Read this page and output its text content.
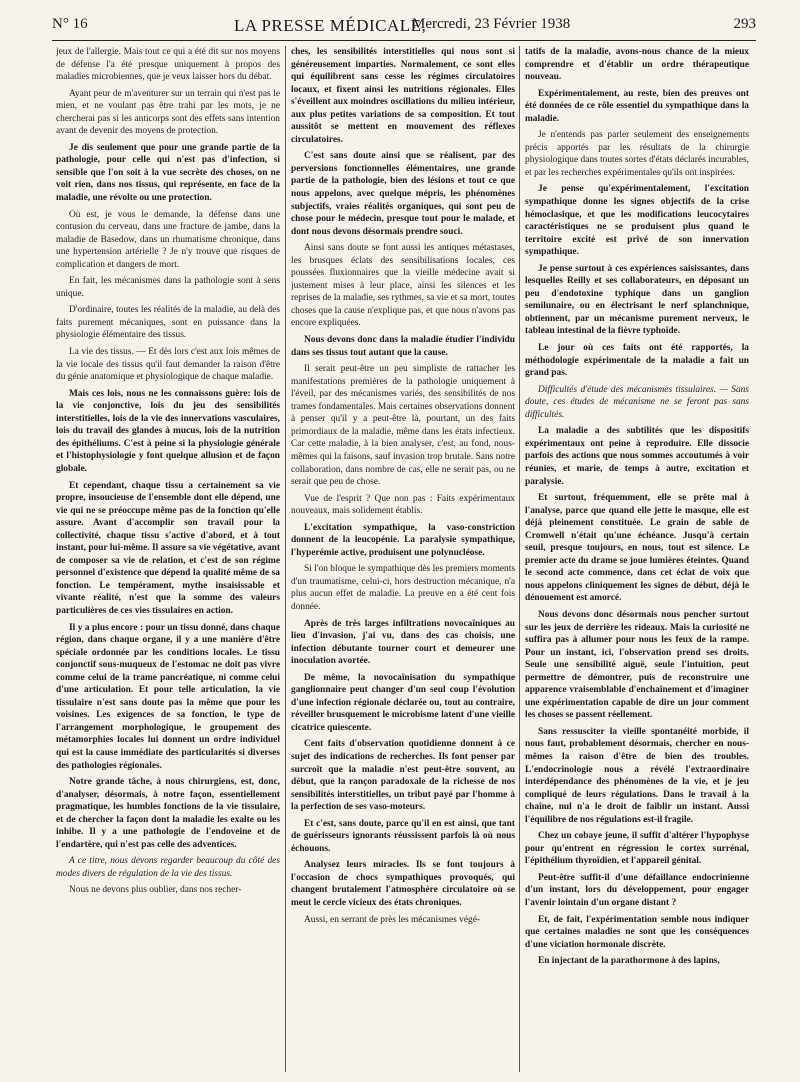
N° 16	LA PRESSE MÉDICALE,
Mercredi, 23 Février 1938	293

jeux de l'allergie. Mais tout ce qui a été dit sur nos moyens de défense l'a été presque uniquement à propos des maladies microbiennes, que je veux laisser hors du débat.

Ayant peur de m'aventurer sur un terrain qui n'est pas le mien, et ne voulant pas être trahi par les mots, je ne chercherai pas si les anticorps sont des effets sans intention avant de devenir des moyens de protection.

Je dis seulement que pour une grande partie de la pathologie, pour celle qui n'est pas d'infection, si sensible que l'on soit à la vue secrète des choses, on ne voit rien, dans nos tissus, qui représente, en face de la maladie, une révolte ou une protection.

Où est, je vous le demande, la défense dans une contusion du cerveau, dans une fracture de jambe, dans la maladie de Basedow, dans un rhumatisme chronique, dans une hypertension artérielle ? Je n'y trouve que risques de complication et dangers de mort.

En fait, les mécanismes dans la pathologie sont à sens unique.

D'ordinaire, toutes les réalités de la maladie, au delà des faits purement mécaniques, sont en puissance dans la physiologie élémentaire des tissus.

La vie des tissus. — Et dès lors c'est aux lois mêmes de la vie locale des tissus qu'il faut demander la raison d'être du génie anatomique et physiologique de chaque maladie.

Mais ces lois, nous ne les connaissons guère: lois de la vie conjonctive, lois du jeu des sensibilités interstitielles, lois de la vie des innervations vasculaires, lois du travail des glandes à mucus, lois de la nutrition des épithéliums. C'est à peine si la physiologie générale et l'histophysiologie y font quelque allusion et de façon globale.

Et cependant, chaque tissu a certainement sa vie propre, insoucieuse de l'ensemble dont elle dépend, une vie qui ne se préoccupe même pas de la fonction qu'elle assure. Avant d'accomplir son travail pour la collectivité, chaque tissu s'active d'abord, et à tout instant, pour lui-même. Il assure sa vie végétative, avant de composer sa vie de relation, et c'est de son régime personnel d'existence que dépend la qualité même de sa fonction. Le tempérament, mythe insaisissable et vivante réalité, n'est que la somme des valeurs particulières de ces vies tissulaires en action.

Il y a plus encore : pour un tissu donné, dans chaque région, dans chaque organe, il y a une manière d'être spéciale ordonnée par les conditions locales. Le tissu conjonctif sous-muqueux de l'estomac ne doit pas vivre comme celui de la trame pancréatique, ni comme celui d'une articulation. Et pour telle articulation, la vie tissulaire n'est sans doute pas la même que pour les voisines. Les exigences de sa fonction, le type de l'arrangement morphologique, le groupement des métamorphies locales lui donnent un ordre individuel qui est la cause immédiate des particularités si diverses des pathologies régionales.

Notre grande tâche, à nous chirurgiens, est, donc, d'analyser, désormais, à notre façon, essentiellement pragmatique, les humbles fonctions de la vie tissulaire, et de chercher la façon dont la maladie les exalte ou les inhibe. Il y a une pathologie de l'endoveine et de l'endartère, qui n'est pas celle des adventices.

A ce titre, nous devons regarder beaucoup du côté des modes divers de régulation de la vie des tissus.

Nous ne devons plus oublier, dans nos recher-

ches, les sensibilités interstitielles qui nous sont si généreusement imparties. Normalement, ce sont elles qui équilibrent sans cesse les régimes circulatoires locaux, et fixent ainsi les nutritions régionales. Elles s'éveillent aux moindres oscillations du milieu intérieur, aux plus petites variations de sa composition. Et tout aussitôt se mettent en mouvement des réflexes circulatoires.

C'est sans doute ainsi que se réalisent, par des perversions fonctionnelles élémentaires, une grande partie de la pathologie, bien des lésions et tout ce que nous appelons, avec quelque mépris, les phénomènes subjectifs, vraies réalités organiques, qui sont peu de chose pour le médecin, presque tout pour le malade, et dont nous devons désormais prendre souci.

Ainsi sans doute se font aussi les antiques métastases, les brusques éclats des sensibilisations locales, ces poussées fluxionnaires que la vieille médecine avait si justement mises à leur place, ainsi les silences et les reprises de la maladie, ses rythmes, sa vie et sa mort, toutes choses que la cause n'explique pas, et que nous n'avons pas encore expliquées.

Nous devons donc dans la maladie étudier l'individu dans ses tissus tout autant que la cause.

Il serait peut-être un peu simpliste de rattacher les manifestations premières de la pathologie uniquement à l'éveil, par des mécanismes variés, des sensibilités de nos trames fondamentales. Mais certaines observations donnent à penser qu'il y a peut-être là, pourtant, un des faits primordiaux de la maladie, même dans les états infectieux. Car cette maladie, à la bien analyser, c'est, au fond, nous-mêmes qui la faisons, sauf invasion trop brutale. Sans notre collaboration, dans nombre de cas, elle ne serait pas, ou ne serait que peu de chose.

Vue de l'esprit ? Que non pas : Faits expérimentaux nouveaux, mais solidement établis.

L'excitation sympathique, la vaso-constriction donnent de la leucopénie. La paralysie sympathique, l'hyperémie active, produisent une polynucléose.

Si l'on bloque le sympathique dès les premiers moments d'un traumatisme, celui-ci, hors destruction mécanique, n'a plus aucun effet de maladie. La preuve en a été cent fois donnée.

Après de très larges infiltrations novocaïniques au lieu d'invasion, j'ai vu, dans des cas choisis, une infection débutante tourner court et demeurer une inoculation avortée.

De même, la novocaïnisation du sympathique ganglionnaire peut changer d'un seul coup l'évolution d'une infection régionale déclarée ou, tout au contraire, réveiller brusquement le microbisme latent d'une vieille cicatrice quiescente.

Cent faits d'observation quotidienne donnent à ce sujet des indications de recherches. Ils font penser par surcroît que la maladie n'est peut-être souvent, au début, que la rançon paradoxale de la richesse de nos sensibilités interstitielles, un tribut payé par l'homme à la perfection de ses vaso-moteurs.

Et c'est, sans doute, parce qu'il en est ainsi, que tant de guérisseurs ignorants réussissent parfois là où nous échouons.

Analysez leurs miracles. Ils se font toujours à l'occasion de chocs sympathiques provoqués, qui changent brutalement l'atmosphère circulatoire où se meut le cercle vicieux des états chroniques.

Aussi, en serrant de près les mécanismes végé-

tatifs de la maladie, avons-nous chance de la mieux comprendre et d'établir un ordre thérapeutique nouveau.

Expérimentalement, au reste, bien des preuves ont été données de ce rôle essentiel du sympathique dans la maladie.

Je n'entends pas parler seulement des enseignements précis apportés par les résultats de la chirurgie physiologique dans toutes sortes d'états déclarés incurables, et par les recherches expérimentales qu'ils ont inspirées.

Je pense qu'expérimentalement, l'excitation sympathique donne les signes objectifs de la crise hémoclasique, et que les modifications leucocytaires caractéristiques ne se produisent plus quand le territoire excité est privé de son innervation sympathique.

Je pense surtout à ces expériences saisissantes, dans lesquelles Reilly et ses collaborateurs, en déposant un peu d'endotoxine typhique dans un ganglion semilunaire, ou en électrisant le nerf splanchnique, obtiennent, par un mécanisme purement nerveux, le tableau intestinal de la fièvre typhoïde.

Le jour où ces faits ont été rapportés, la méthodologie expérimentale de la maladie a fait un grand pas.

Difficultés d'étude des mécanismes tissulaires. — Sans doute, ces études de mécanisme ne se feront pas sans difficultés.

La maladie a des subtilités que les dispositifs expérimentaux ont peine à reproduire. Elle dissocie parfois des actions que nous sommes accoutumés à voir réunies, et marie, de temps à autre, excitation et paralysie.

Et surtout, fréquemment, elle se prête mal à l'analyse, parce que quand elle jette le masque, elle est déjà pleinement constituée. Le grain de sable de Cromwell n'était qu'une échéance. Jusqu'à certain seuil, presque toujours, en nous, tout est silence. Le premier acte du drame se joue lumières éteintes. Quand le second acte commence, dans cet éclat de voix que nous appelons cliniquement les signes de début, déjà le dénouement est amorcé.

Nous devons donc désormais nous pencher surtout sur les jeux de derrière les rideaux. Mais la curiosité ne suffira pas à allumer pour nous les feux de la rampe. Pour un instant, ici, l'observation prend ses droits. Seule une sensibilité aiguë, seule l'intuition, peut permettre de démontrer, puis de reconstruire une apparence vraisemblable d'enchaînement et d'imaginer une expérimentation capable de dire un jour comment les choses se passent réellement.

Sans ressusciter la vieille spontanéité morbide, il nous faut, probablement désormais, chercher en nous-mêmes la raison d'être de bien des troubles. L'endocrinologie nous a révélé l'extraordinaire interdépendance des phénomènes de la vie, et je jeu compliqué de leurs régulations. Dans le travail à la chaîne, nul n'a le droit de faiblir un instant. Aussi l'équilibre de nos régulations est-il fragile.

Chez un cobaye jeune, il suffit d'altérer l'hypophyse pour qu'entrent en régression le cortex surrénal, l'épithélium thyroïdien, et l'appareil génital.

Peut-être suffit-il d'une défaillance endocrinienne d'un instant, lors du développement, pour engager l'avenir lointain d'un organe distant ?

Et, de fait, l'expérimentation semble nous indiquer que certaines maladies ne sont que les conséquences d'une viciation hormonale discrète.

En injectant de la parathormone à des lapins,
